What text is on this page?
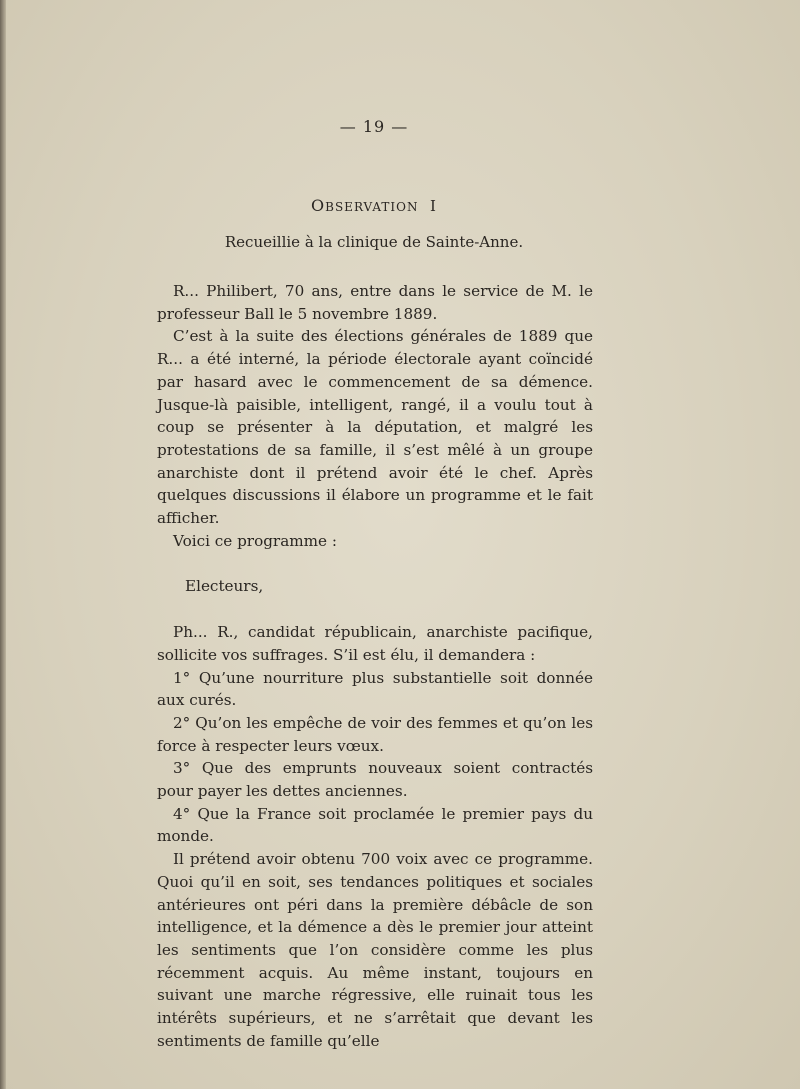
— 19 —
OBSERVATION I
Recueillie à la clinique de Sainte-Anne.

R... Philibert, 70 ans, entre dans le service de M. le professeur Ball le 5 novembre 1889.

C’est à la suite des élections générales de 1889 que R... a été interné, la période électorale ayant coïncidé par hasard avec le commencement de sa démence. Jusque-là paisible, intelligent, rangé, il a voulu tout à coup se présenter à la députation, et malgré les protestations de sa famille, il s’est mêlé à un groupe anarchiste dont il prétend avoir été le chef. Après quelques discussions il élabore un programme et le fait afficher.

Voici ce programme :

Electeurs,

Ph... R., candidat républicain, anarchiste pacifique, sollicite vos suffrages. S’il est élu, il demandera :

1° Qu’une nourriture plus substantielle soit donnée aux curés.

2° Qu’on les empêche de voir des femmes et qu’on les force à respecter leurs vœux.

3° Que des emprunts nouveaux soient contractés pour payer les dettes anciennes.

4° Que la France soit proclamée le premier pays du monde.

Il prétend avoir obtenu 700 voix avec ce programme. Quoi qu’il en soit, ses tendances politiques et sociales antérieures ont péri dans la première débâcle de son intelligence, et la démence a dès le premier jour atteint les sentiments que l’on considère comme les plus récemment acquis. Au même instant, toujours en suivant une marche régressive, elle ruinait tous les intérêts supérieurs, et ne s’arrêtait que devant les sentiments de famille qu’elle
